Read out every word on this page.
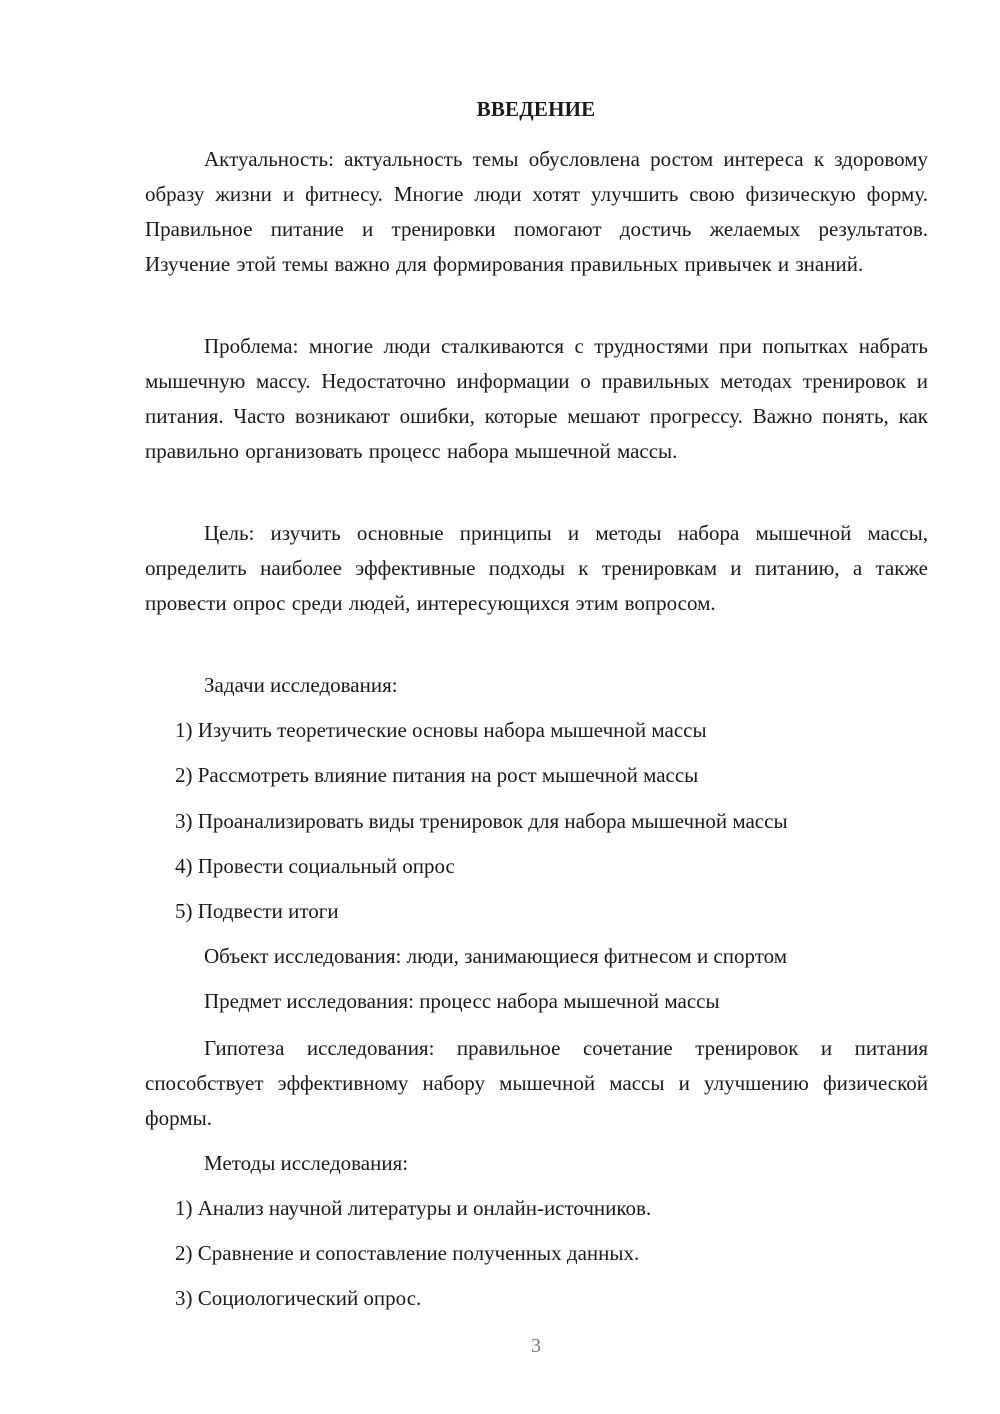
ВВЕДЕНИЕ

Актуальность: актуальность темы обусловлена ростом интереса к здоровому образу жизни и фитнесу. Многие люди хотят улучшить свою физическую форму. Правильное питание и тренировки помогают достичь желаемых результатов. Изучение этой темы важно для формирования правильных привычек и знаний.

Проблема: многие люди сталкиваются с трудностями при попытках набрать мышечную массу. Недостаточно информации о правильных методах тренировок и питания. Часто возникают ошибки, которые мешают прогрессу. Важно понять, как правильно организовать процесс набора мышечной массы.

Цель: изучить основные принципы и методы набора мышечной массы, определить наиболее эффективные подходы к тренировкам и питанию, а также провести опрос среди людей, интересующихся этим вопросом.

Задачи исследования:

1) Изучить теоретические основы набора мышечной массы

2) Рассмотреть влияние питания на рост мышечной массы

3) Проанализировать виды тренировок для набора мышечной массы

4) Провести социальный опрос

5) Подвести итоги

Объект исследования: люди, занимающиеся фитнесом и спортом

Предмет исследования: процесс набора мышечной массы

Гипотеза исследования: правильное сочетание тренировок и питания способствует эффективному набору мышечной массы и улучшению физической формы.

Методы исследования:

1) Анализ научной литературы и онлайн-источников.

2) Сравнение и сопоставление полученных данных.

3) Социологический опрос.

3
